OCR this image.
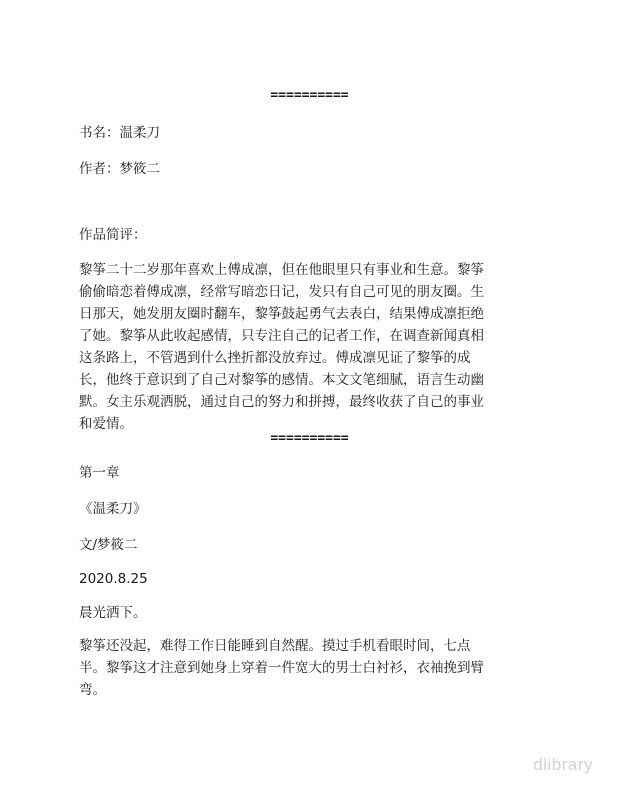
==========
书名：温柔刀
作者：梦筱二
作品简评：
黎筝二十二岁那年喜欢上傅成凛，但在他眼里只有事业和生意。黎筝
偷偷暗恋着傅成凛，经常写暗恋日记，发只有自己可见的朋友圈。生
日那天，她发朋友圈时翻车，黎筝鼓起勇气去表白，结果傅成凛拒绝
了她。黎筝从此收起感情，只专注自己的记者工作，在调查新闻真相
这条路上，不管遇到什么挫折都没放弃过。傅成凛见证了黎筝的成
长，他终于意识到了自己对黎筝的感情。本文文笔细腻，语言生动幽
默。女主乐观洒脱，通过自己的努力和拼搏，最终收获了自己的事业
和爱情。
==========
第一章
《温柔刀》
文/梦筱二
2020.8.25
晨光洒下。
黎筝还没起，难得工作日能睡到自然醒。摸过手机看眼时间，七点
半。黎筝这才注意到她身上穿着一件宽大的男士白衬衫，衣袖挽到臂
弯。
dlibrary
